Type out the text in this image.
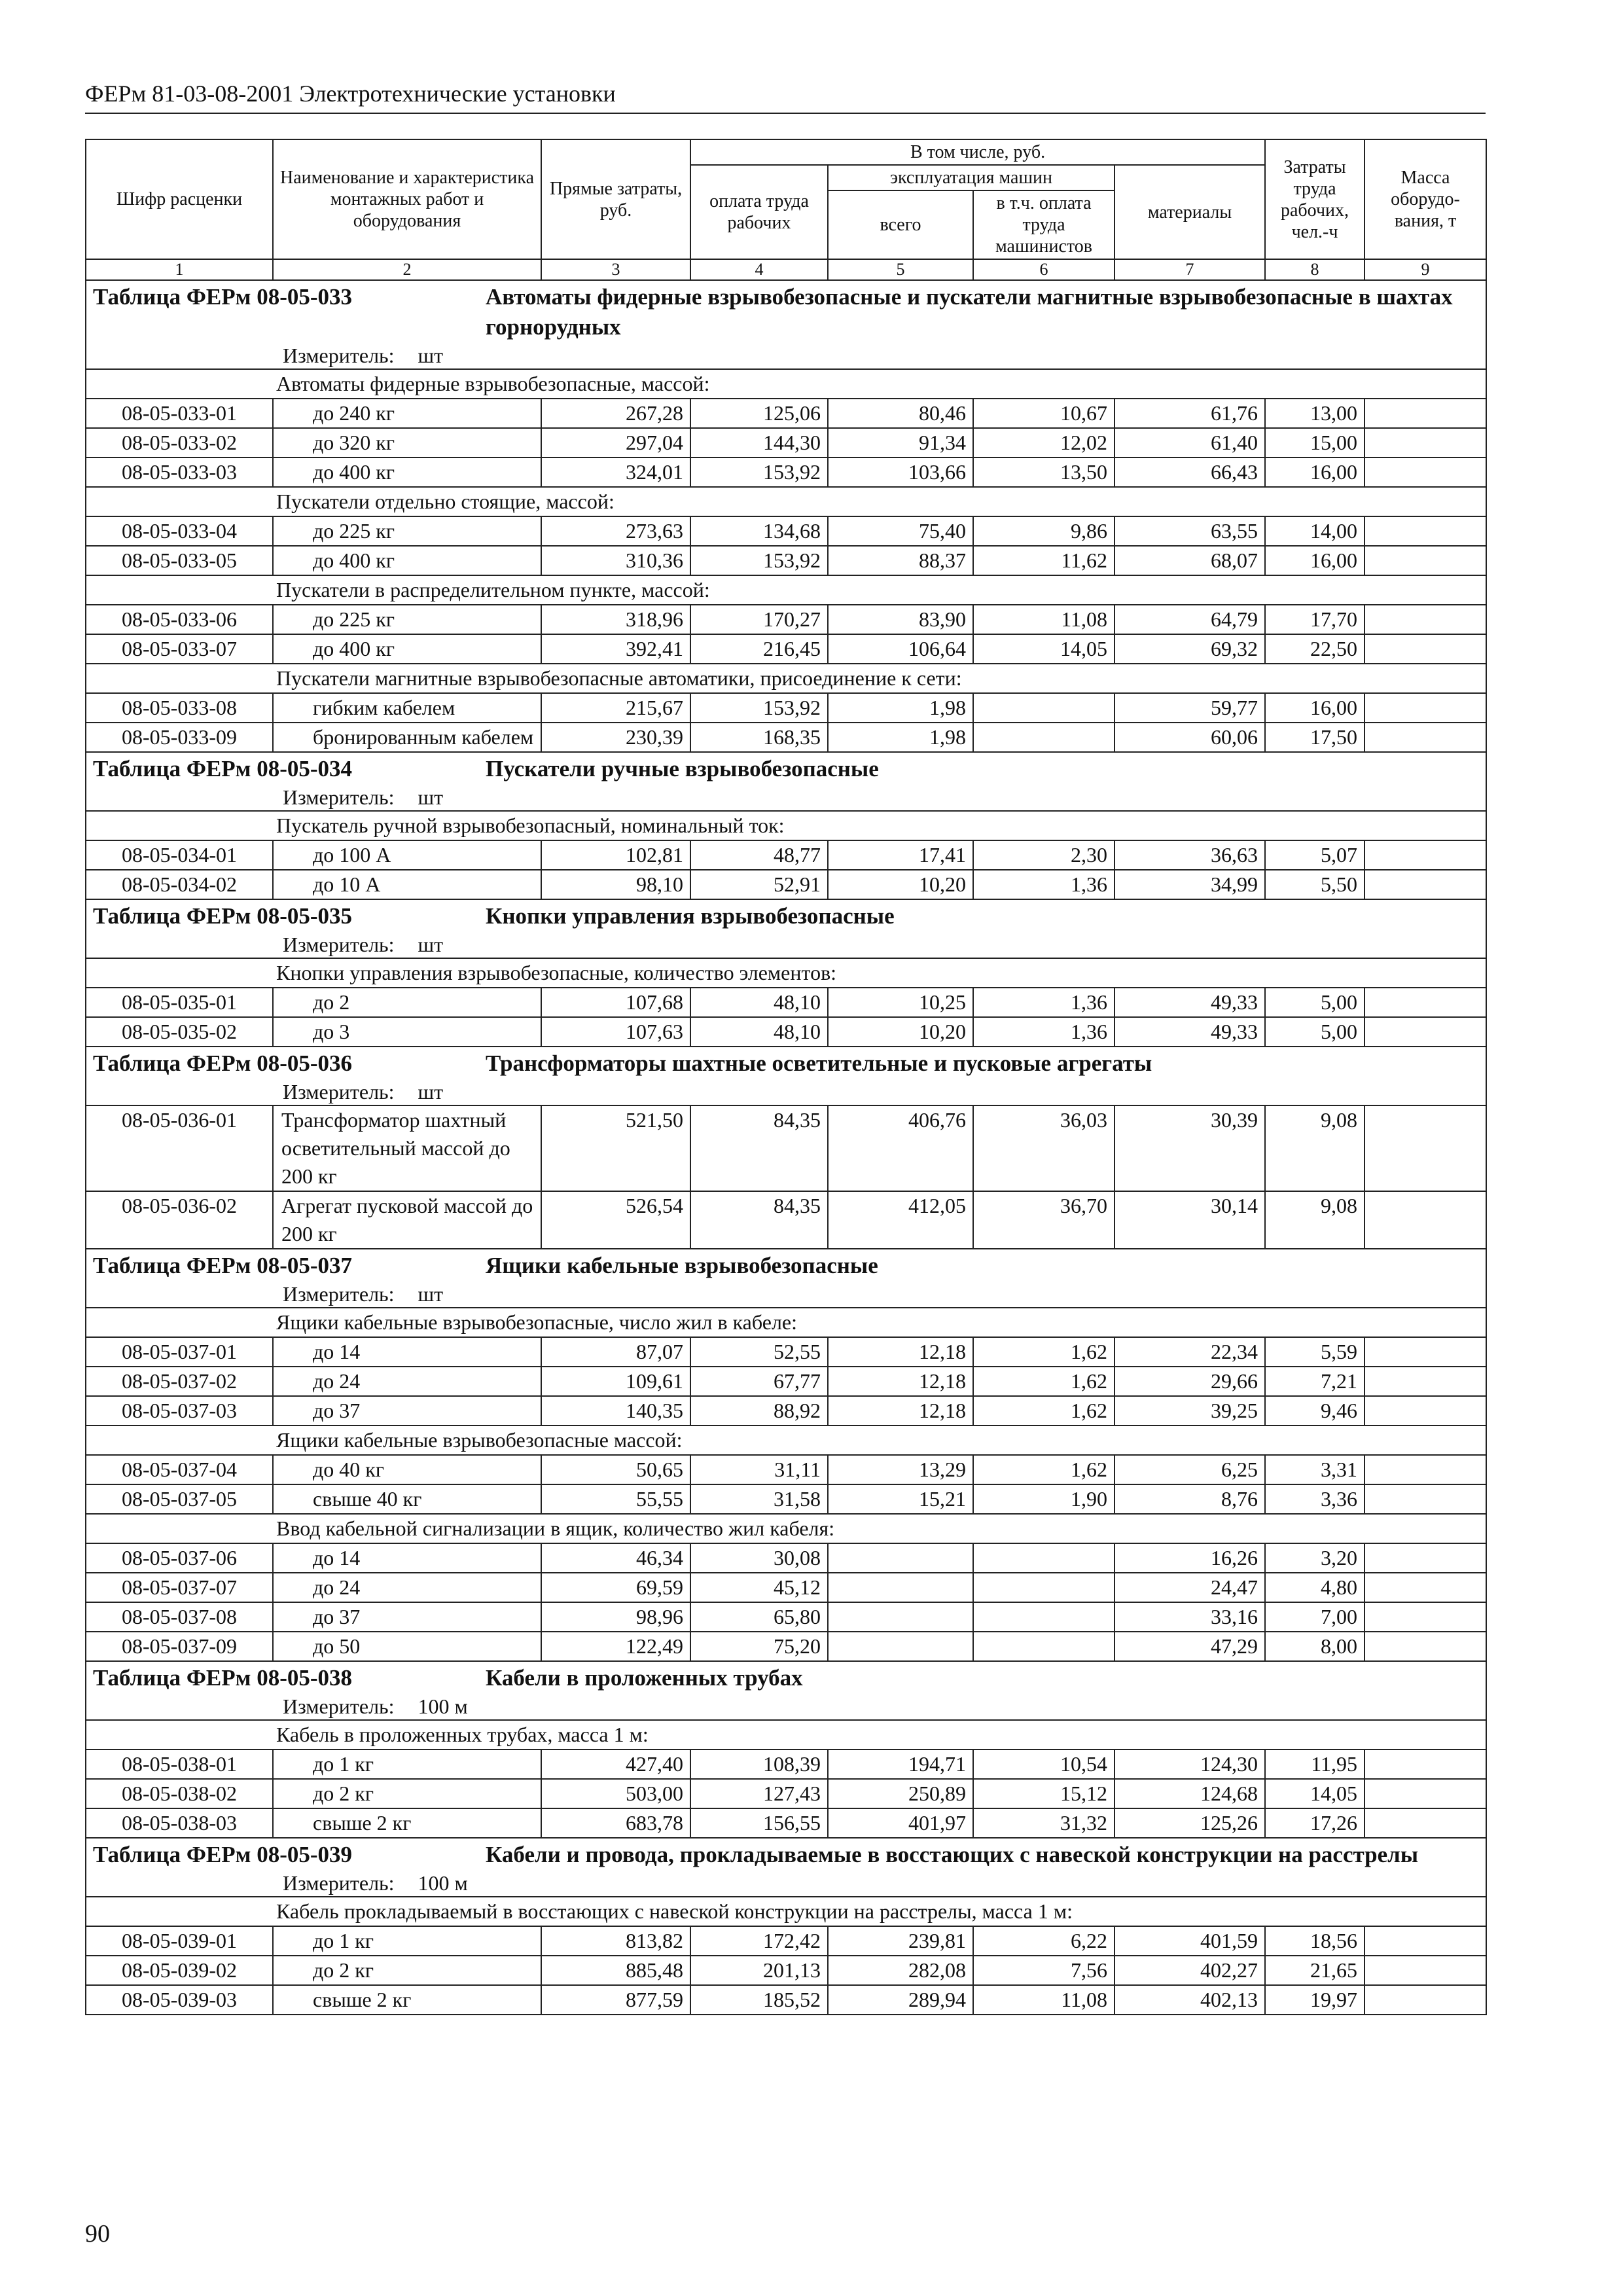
ФЕРм 81-03-08-2001 Электротехнические установки
Шифр расценки	Наименование и характеристика монтажных работ и оборудования	Прямые затраты, руб.	В том числе, руб.				Затраты труда рабочих, чел.-ч	Масса оборудо-вания, т
			оплата труда рабочих	эксплуатация машин		материалы		
				всего	в т.ч. оплата труда машинистов			
1	2	3	4	5	6	7	8	9

Таблица ФЕРм 08-05-033 Автоматы фидерные взрывобезопасные и пускатели магнитные взрывобезопасные в шахтах горнорудных
Измеритель: шт								

Автоматы фидерные взрывобезопасные, массой:								
08-05-033-01	до 240 кг	267,28	125,06	80,46	10,67	61,76	13,00	
08-05-033-02	до 320 кг	297,04	144,30	91,34	12,02	61,40	15,00	
08-05-033-03	до 400 кг	324,01	153,92	103,66	13,50	66,43	16,00	
Пускатели отдельно стоящие, массой:								
08-05-033-04	до 225 кг	273,63	134,68	75,40	9,86	63,55	14,00	
08-05-033-05	до 400 кг	310,36	153,92	88,37	11,62	68,07	16,00	
Пускатели в распределительном пункте, массой:								
08-05-033-06	до 225 кг	318,96	170,27	83,90	11,08	64,79	17,70	
08-05-033-07	до 400 кг	392,41	216,45	106,64	14,05	69,32	22,50	
Пускатели магнитные взрывобезопасные автоматики, присоединение к сети:								
08-05-033-08	гибким кабелем	215,67	153,92	1,98		59,77	16,00	
08-05-033-09	бронированным кабелем	230,39	168,35	1,98		60,06	17,50	

Таблица ФЕРм 08-05-034 Пускатели ручные взрывобезопасные
Измеритель: шт								

Пускатель ручной взрывобезопасный, номинальный ток:								
08-05-034-01	до 100 А	102,81	48,77	17,41	2,30	36,63	5,07	
08-05-034-02	до 10 А	98,10	52,91	10,20	1,36	34,99	5,50	

Таблица ФЕРм 08-05-035 Кнопки управления взрывобезопасные
Измеритель: шт								

Кнопки управления взрывобезопасные, количество элементов:								
08-05-035-01	до 2	107,68	48,10	10,25	1,36	49,33	5,00	
08-05-035-02	до 3	107,63	48,10	10,20	1,36	49,33	5,00	

Таблица ФЕРм 08-05-036 Трансформаторы шахтные осветительные и пусковые агрегаты
Измеритель: шт								

08-05-036-01	Трансформатор шахтный осветительный массой до 200 кг	521,50	84,35	406,76	36,03	30,39	9,08	
08-05-036-02	Агрегат пусковой массой до 200 кг	526,54	84,35	412,05	36,70	30,14	9,08	

Таблица ФЕРм 08-05-037 Ящики кабельные взрывобезопасные
Измеритель: шт								

Ящики кабельные взрывобезопасные, число жил в кабеле:								
08-05-037-01	до 14	87,07	52,55	12,18	1,62	22,34	5,59	
08-05-037-02	до 24	109,61	67,77	12,18	1,62	29,66	7,21	
08-05-037-03	до 37	140,35	88,92	12,18	1,62	39,25	9,46	
Ящики кабельные взрывобезопасные массой:								
08-05-037-04	до 40 кг	50,65	31,11	13,29	1,62	6,25	3,31	
08-05-037-05	свыше 40 кг	55,55	31,58	15,21	1,90	8,76	3,36	
Ввод кабельной сигнализации в ящик, количество жил кабеля:								
08-05-037-06	до 14	46,34	30,08			16,26	3,20	
08-05-037-07	до 24	69,59	45,12			24,47	4,80	
08-05-037-08	до 37	98,96	65,80			33,16	7,00	
08-05-037-09	до 50	122,49	75,20			47,29	8,00	

Таблица ФЕРм 08-05-038 Кабели в проложенных трубах
Измеритель: 100 м								

Кабель в проложенных трубах, масса 1 м:								
08-05-038-01	до 1 кг	427,40	108,39	194,71	10,54	124,30	11,95	
08-05-038-02	до 2 кг	503,00	127,43	250,89	15,12	124,68	14,05	
08-05-038-03	свыше 2 кг	683,78	156,55	401,97	31,32	125,26	17,26	

Таблица ФЕРм 08-05-039 Кабели и провода, прокладываемые в восстающих с навеской конструкции на расстрелы
Измеритель: 100 м								

Кабель прокладываемый в восстающих с навеской конструкции на расстрелы, масса 1 м:								
08-05-039-01	до 1 кг	813,82	172,42	239,81	6,22	401,59	18,56	
08-05-039-02	до 2 кг	885,48	201,13	282,08	7,56	402,27	21,65	
08-05-039-03	свыше 2 кг	877,59	185,52	289,94	11,08	402,13	19,97	
90
